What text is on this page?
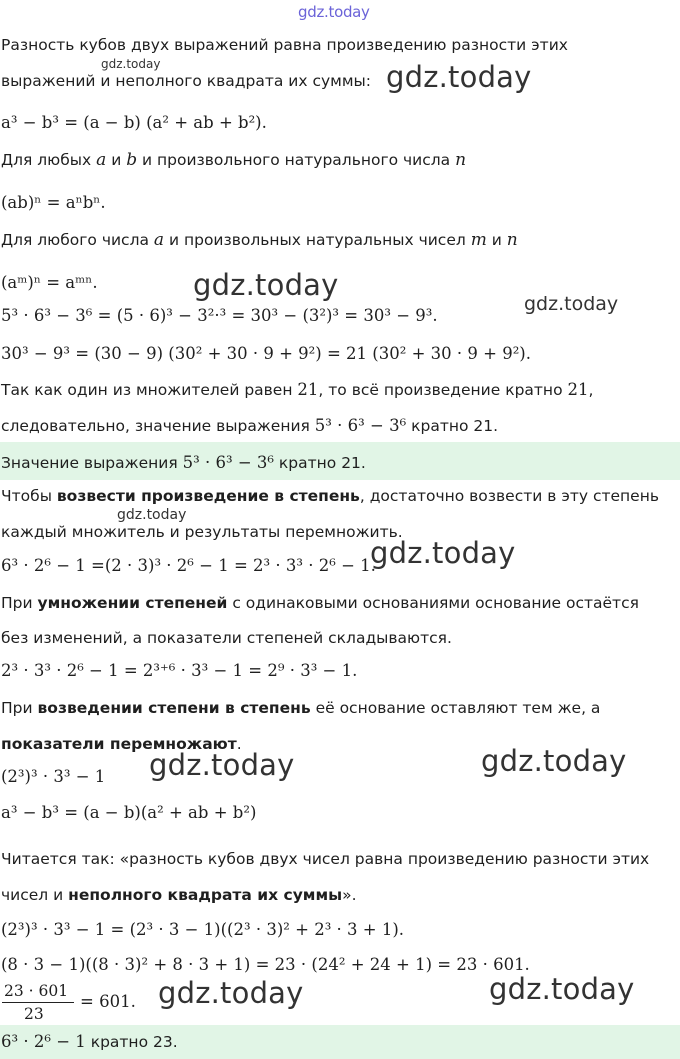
gdz.today
Разность кубов двух выражений равна произведению разности этих
gdz.today
выражений и неполного квадрата их суммы: gdz.today
a³ − b³ = (a − b) (a² + ab + b²).
Для любых a и b и произвольного натурального числа n
(ab)ⁿ = aⁿbⁿ.
Для любого числа a и произвольных натуральных чисел m и n
(aᵐ)ⁿ = aᵐⁿ.	gdz.today
gdz.today
5³ · 6³ − 3⁶ = (5 · 6)³ − 3²·³ = 30³ − (3²)³ = 30³ − 9³.
30³ − 9³ = (30 − 9) (30² + 30 · 9 + 9²) = 21 (30² + 30 · 9 + 9²).
Так как один из множителей равен 21, то всё произведение кратно 21,
следовательно, значение выражения 5³ · 6³ − 3⁶ кратно 21.
Значение выражения 5³ · 6³ − 3⁶ кратно 21.
Чтобы возвести произведение в степень, достаточно возвести в эту степень
gdz.today
каждый множитель и результаты перемножить.
6³ · 2⁶ − 1 =(2 · 3)³ · 2⁶ − 1 = 2³ · 3³ · 2⁶ − 1.
gdz.today
При умножении степеней с одинаковыми основаниями основание остаётся
без изменений, а показатели степеней складываются.
2³ · 3³ · 2⁶ − 1 = 2³⁺⁶ · 3³ − 1 = 2⁹ · 3³ − 1.
При возведении степени в степень её основание оставляют тем же, а
показатели перемножают.
(2³)³ · 3³ − 1	gdz.today	gdz.today
a³ − b³ = (a − b)(a² + ab + b²)
Читается так: «разность кубов двух чисел равна произведению разности этих
чисел и неполного квадрата их суммы».
(2³)³ · 3³ − 1 = (2³ · 3 − 1)((2³ · 3)² + 2³ · 3 + 1).
(8 · 3 − 1)((8 · 3)² + 8 · 3 + 1) = 23 · (24² + 24 + 1) = 23 · 601.
23 · 601
23
= 601. gdz.today	gdz.today
6³ · 2⁶ − 1 кратно 23.
